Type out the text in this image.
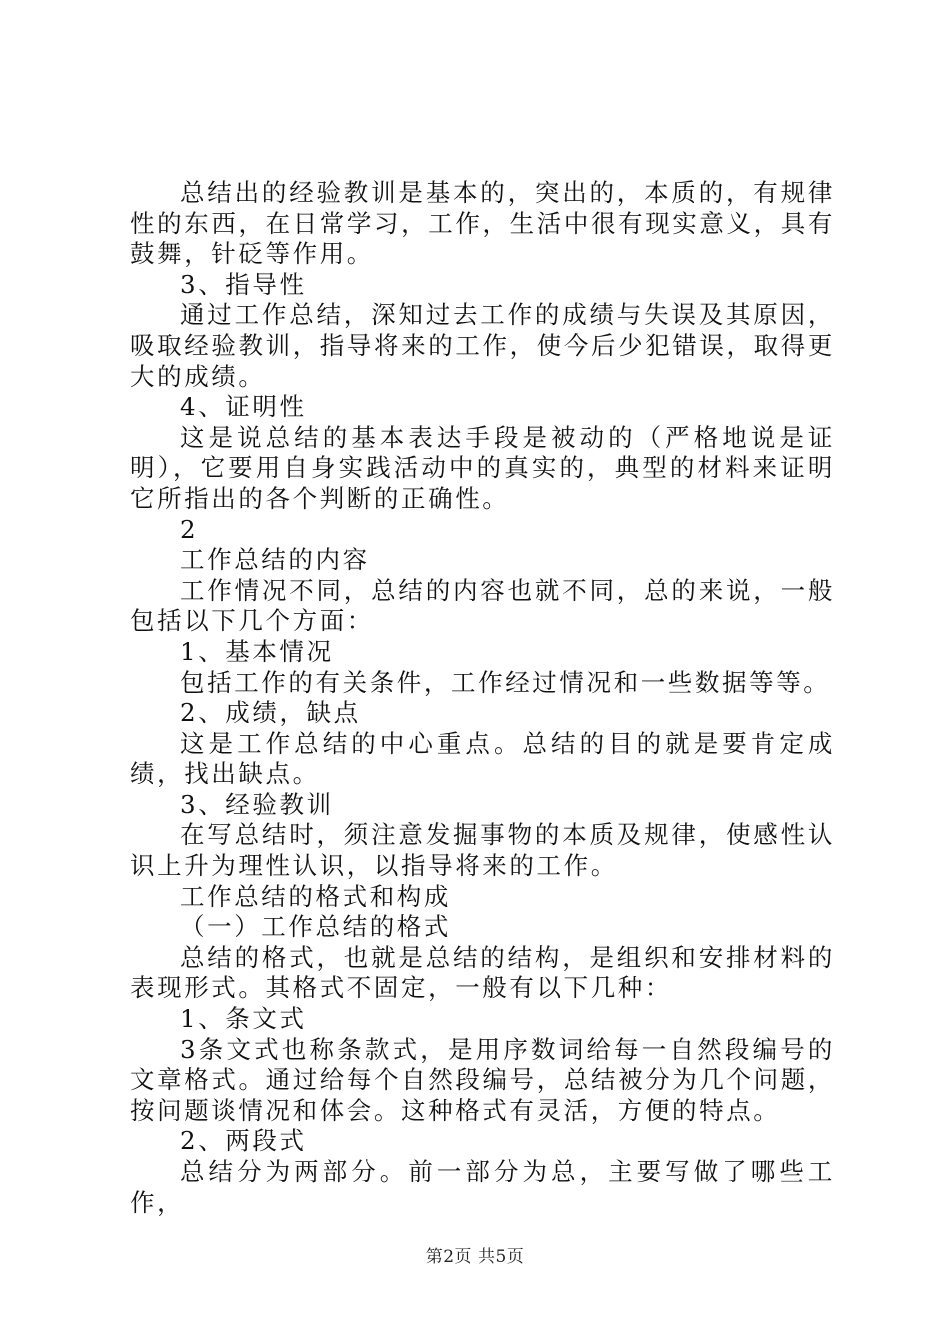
总结出的经验教训是基本的，突出的，本质的，有规律性的东西，在日常学习，工作，生活中很有现实意义，具有鼓舞，针砭等作用。

3、指导性

通过工作总结，深知过去工作的成绩与失误及其原因，吸取经验教训，指导将来的工作，使今后少犯错误，取得更大的成绩。

4、证明性

这是说总结的基本表达手段是被动的（严格地说是证明），它要用自身实践活动中的真实的，典型的材料来证明它所指出的各个判断的正确性。

2

工作总结的内容

工作情况不同，总结的内容也就不同，总的来说，一般包括以下几个方面：

1、基本情况

包括工作的有关条件，工作经过情况和一些数据等等。

2、成绩，缺点

这是工作总结的中心重点。总结的目的就是要肯定成绩，找出缺点。

3、经验教训

在写总结时，须注意发掘事物的本质及规律，使感性认识上升为理性认识，以指导将来的工作。

工作总结的格式和构成

（一）工作总结的格式

总结的格式，也就是总结的结构，是组织和安排材料的表现形式。其格式不固定，一般有以下几种：

1、条文式

3条文式也称条款式，是用序数词给每一自然段编号的文章格式。通过给每个自然段编号，总结被分为几个问题，按问题谈情况和体会。这种格式有灵活，方便的特点。

2、两段式

总结分为两部分。前一部分为总，主要写做了哪些工作，

第2页 共5页
